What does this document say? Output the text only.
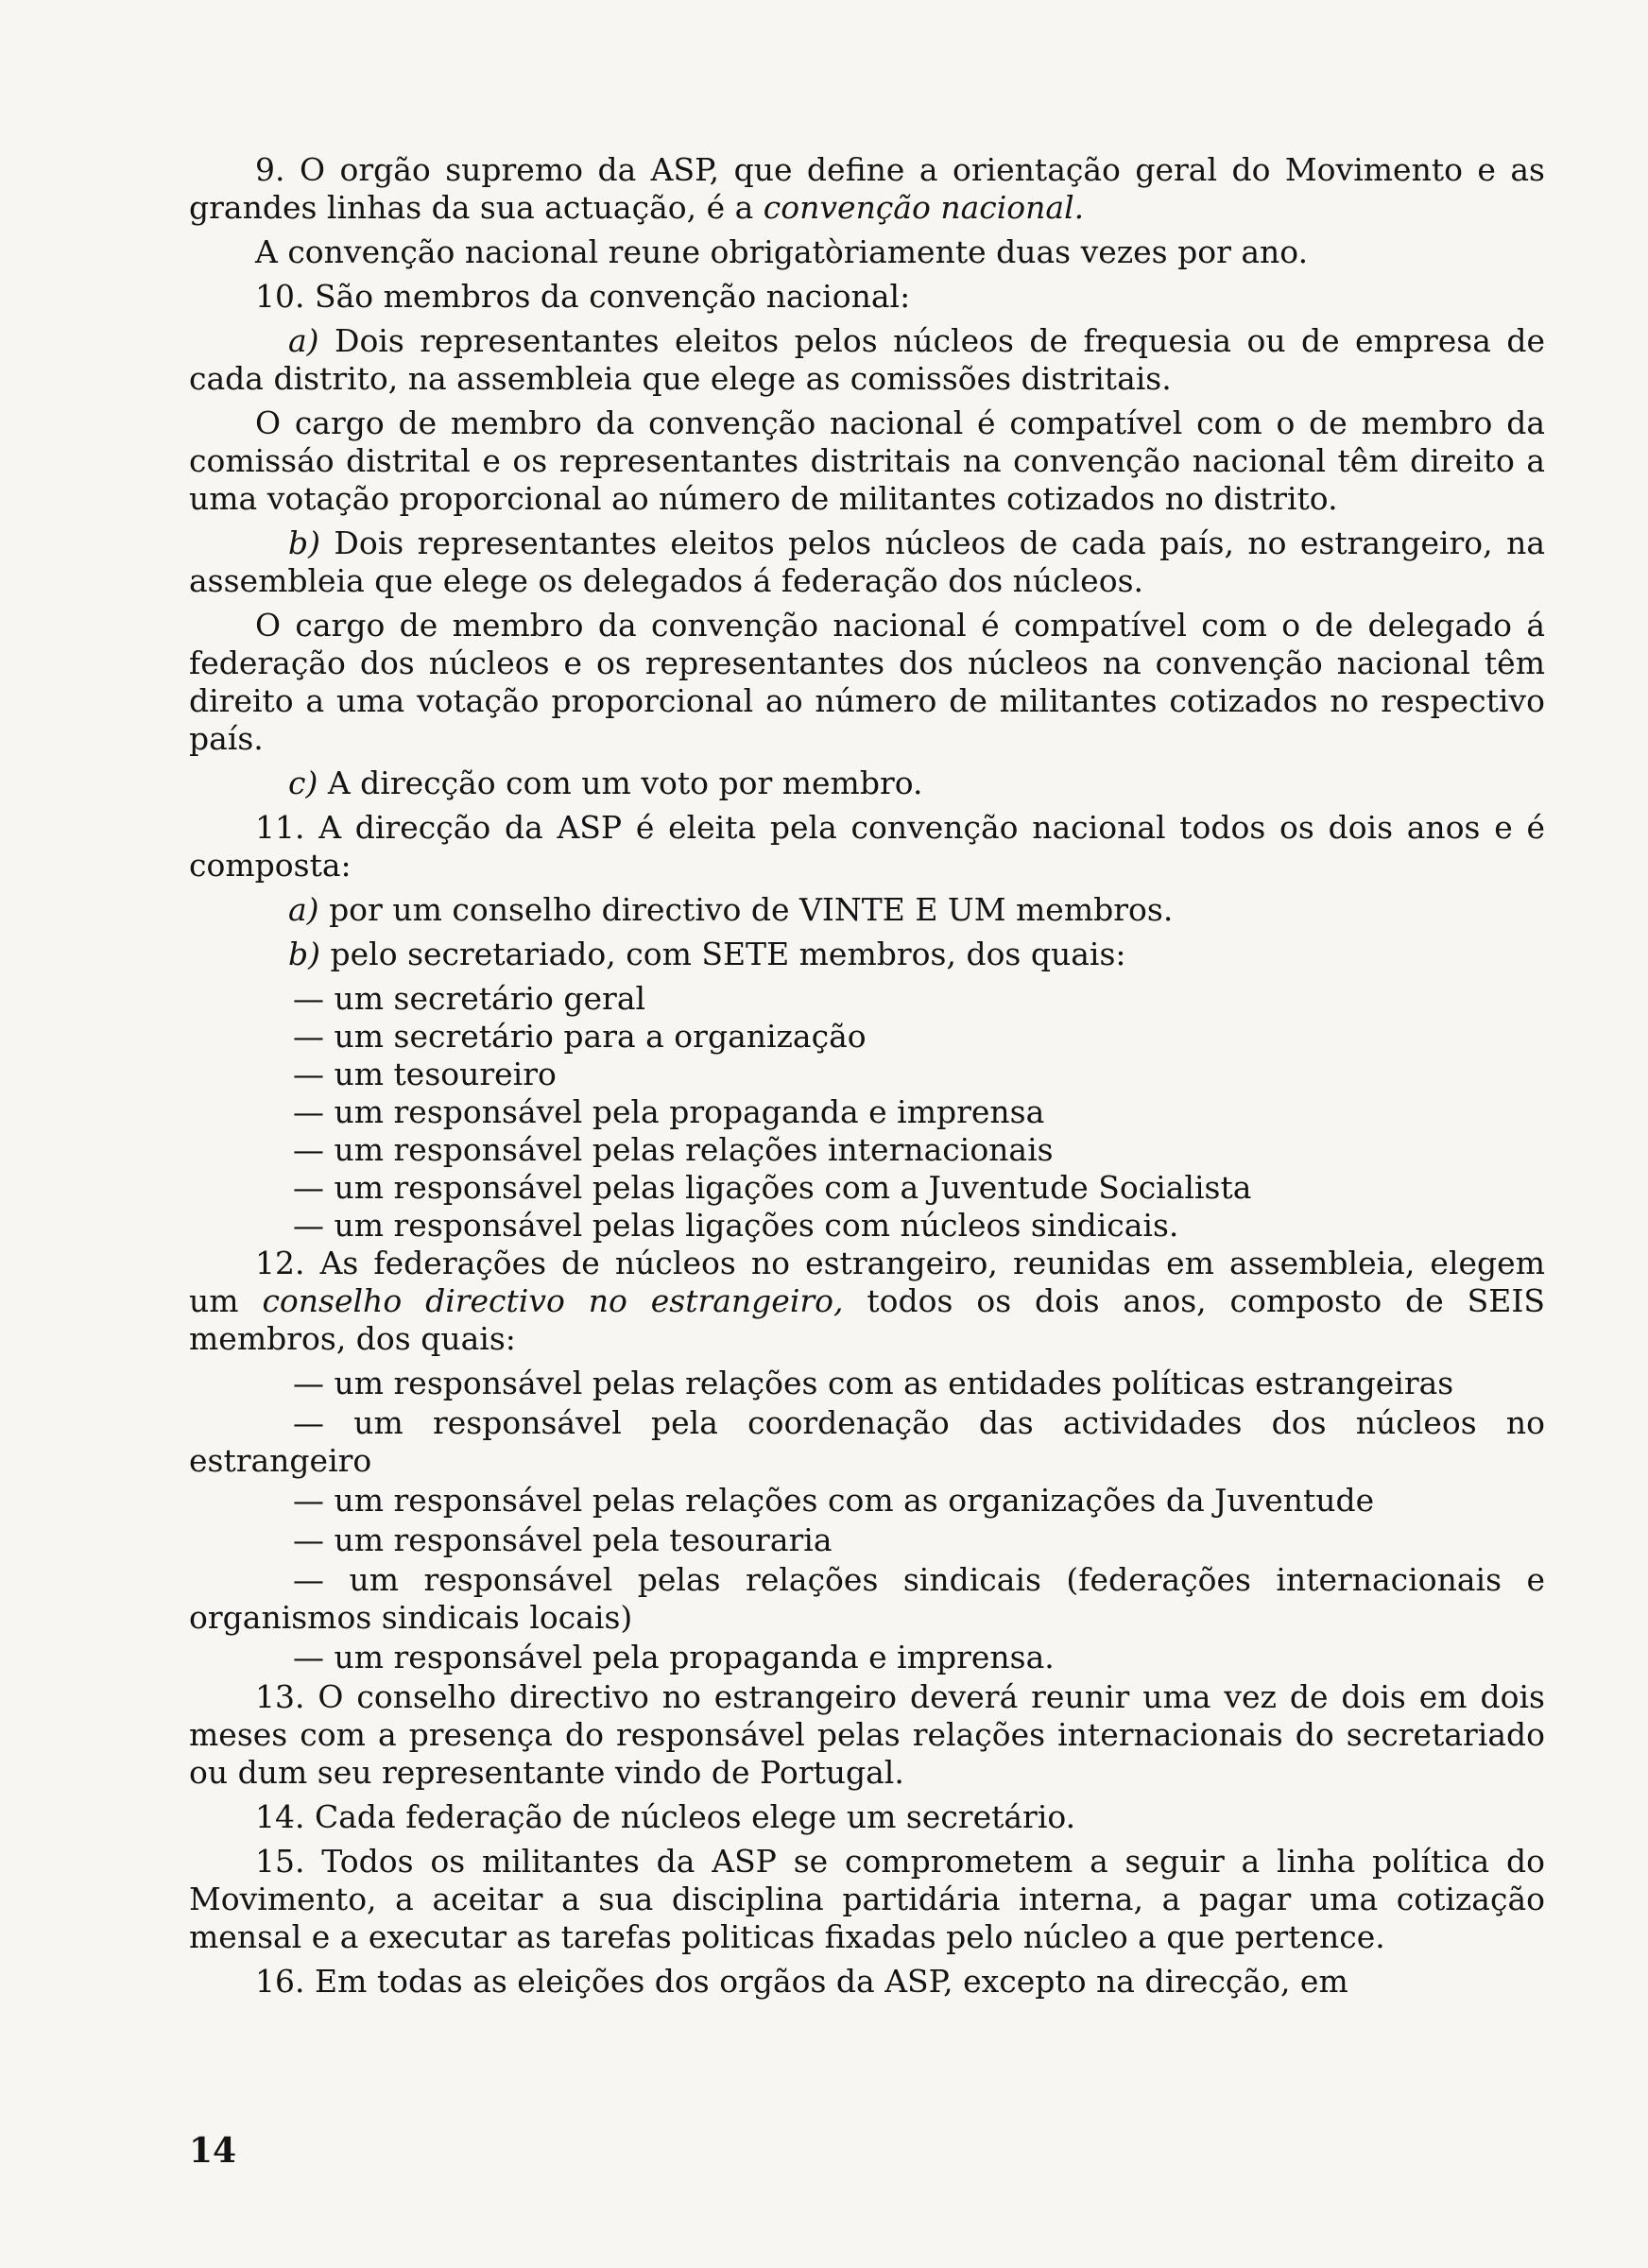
9. O orgão supremo da ASP, que define a orientação geral do Movimento e as grandes linhas da sua actuação, é a convenção nacional.

A convenção nacional reune obrigatòriamente duas vezes por ano.

10. São membros da convenção nacional:

a) Dois representantes eleitos pelos núcleos de frequesia ou de empresa de cada distrito, na assembleia que elege as comissões distritais.

O cargo de membro da convenção nacional é compatível com o de membro da comissáo distrital e os representantes distritais na convenção nacional têm direito a uma votação proporcional ao número de militantes cotizados no distrito.

b) Dois representantes eleitos pelos núcleos de cada país, no estrangeiro, na assembleia que elege os delegados á federação dos núcleos.

O cargo de membro da convenção nacional é compatível com o de delegado á federação dos núcleos e os representantes dos núcleos na convenção nacional têm direito a uma votação proporcional ao número de militantes cotizados no respectivo país.

c) A direcção com um voto por membro.

11. A direcção da ASP é eleita pela convenção nacional todos os dois anos e é composta:

a) por um conselho directivo de VINTE E UM membros.

b) pelo secretariado, com SETE membros, dos quais:

— um secretário geral

— um secretário para a organização

— um tesoureiro

— um responsável pela propaganda e imprensa

— um responsável pelas relações internacionais

— um responsável pelas ligações com a Juventude Socialista

— um responsável pelas ligações com núcleos sindicais.

12. As federações de núcleos no estrangeiro, reunidas em assembleia, elegem um conselho directivo no estrangeiro, todos os dois anos, composto de SEIS membros, dos quais:

— um responsável pelas relações com as entidades políticas estrangeiras

— um responsável pela coordenação das actividades dos núcleos no estrangeiro

— um responsável pelas relações com as organizações da Juventude

— um responsável pela tesouraria

— um responsável pelas relações sindicais (federações internacionais e organismos sindicais locais)

— um responsável pela propaganda e imprensa.

13. O conselho directivo no estrangeiro deverá reunir uma vez de dois em dois meses com a presença do responsável pelas relações internacionais do secretariado ou dum seu representante vindo de Portugal.

14. Cada federação de núcleos elege um secretário.

15. Todos os militantes da ASP se comprometem a seguir a linha política do Movimento, a aceitar a sua disciplina partidária interna, a pagar uma cotização mensal e a executar as tarefas politicas fixadas pelo núcleo a que pertence.

16. Em todas as eleições dos orgãos da ASP, excepto na direcção, em

14
